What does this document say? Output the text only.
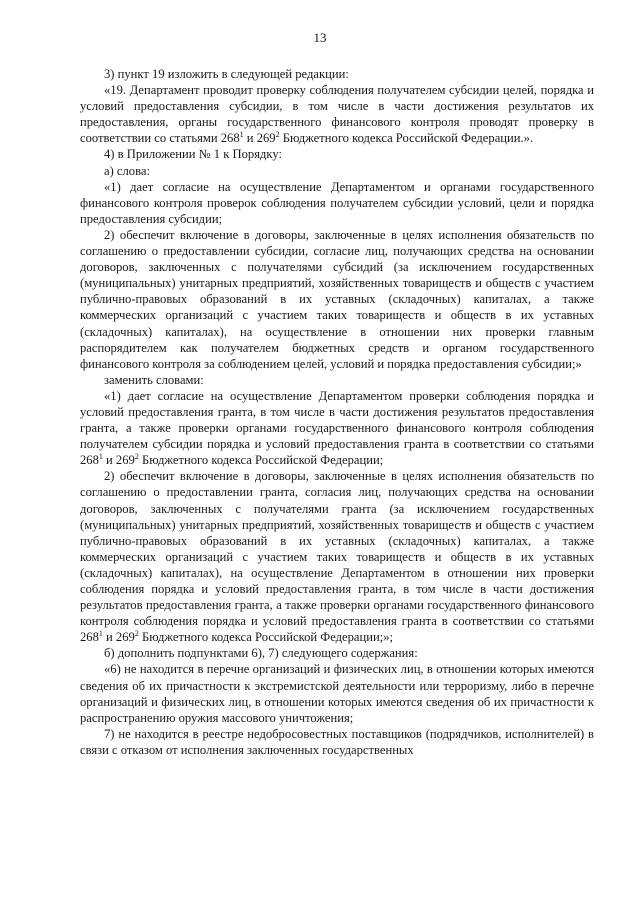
13

3) пункт 19 изложить в следующей редакции:

«19. Департамент проводит проверку соблюдения получателем субсидии целей, порядка и условий предоставления субсидии, в том числе в части достижения результатов их предоставления, органы государственного финансового контроля проводят проверку в соответствии со статьями $268^1$ и $269^2$ Бюджетного кодекса Российской Федерации.».

4) в Приложении № 1 к Порядку:

а) слова:

«1) дает согласие на осуществление Департаментом и органами государственного финансового контроля проверок соблюдения получателем субсидии условий, цели и порядка предоставления субсидии;

2) обеспечит включение в договоры, заключенные в целях исполнения обязательств по соглашению о предоставлении субсидии, согласие лиц, получающих средства на основании договоров, заключенных с получателями субсидий (за исключением государственных (муниципальных) унитарных предприятий, хозяйственных товариществ и обществ с участием публично-правовых образований в их уставных (складочных) капиталах, а также коммерческих организаций с участием таких товариществ и обществ в их уставных (складочных) капиталах), на осуществление в отношении них проверки главным распорядителем как получателем бюджетных средств и органом государственного финансового контроля за соблюдением целей, условий и порядка предоставления субсидии;»

заменить словами:

«1) дает согласие на осуществление Департаментом проверки соблюдения порядка и условий предоставления гранта, в том числе в части достижения результатов предоставления гранта, а также проверки органами государственного финансового контроля соблюдения получателем субсидии порядка и условий предоставления гранта в соответствии со статьями $268^1$ и $269^2$ Бюджетного кодекса Российской Федерации;

2) обеспечит включение в договоры, заключенные в целях исполнения обязательств по соглашению о предоставлении гранта, согласия лиц, получающих средства на основании договоров, заключенных с получателями гранта (за исключением государственных (муниципальных) унитарных предприятий, хозяйственных товариществ и обществ с участием публично-правовых образований в их уставных (складочных) капиталах, а также коммерческих организаций с участием таких товариществ и обществ в их уставных (складочных) капиталах), на осуществление Департаментом в отношении них проверки соблюдения порядка и условий предоставления гранта, в том числе в части достижения результатов предоставления гранта, а также проверки органами государственного финансового контроля соблюдения порядка и условий предоставления гранта в соответствии со статьями $268^1$ и $269^2$ Бюджетного кодекса Российской Федерации;»;

б) дополнить подпунктами 6), 7) следующего содержания:

«6) не находится в перечне организаций и физических лиц, в отношении которых имеются сведения об их причастности к экстремистской деятельности или терроризму, либо в перечне организаций и физических лиц, в отношении которых имеются сведения об их причастности к распространению оружия массового уничтожения;

7) не находится в реестре недобросовестных поставщиков (подрядчиков, исполнителей) в связи с отказом от исполнения заключенных государственных
